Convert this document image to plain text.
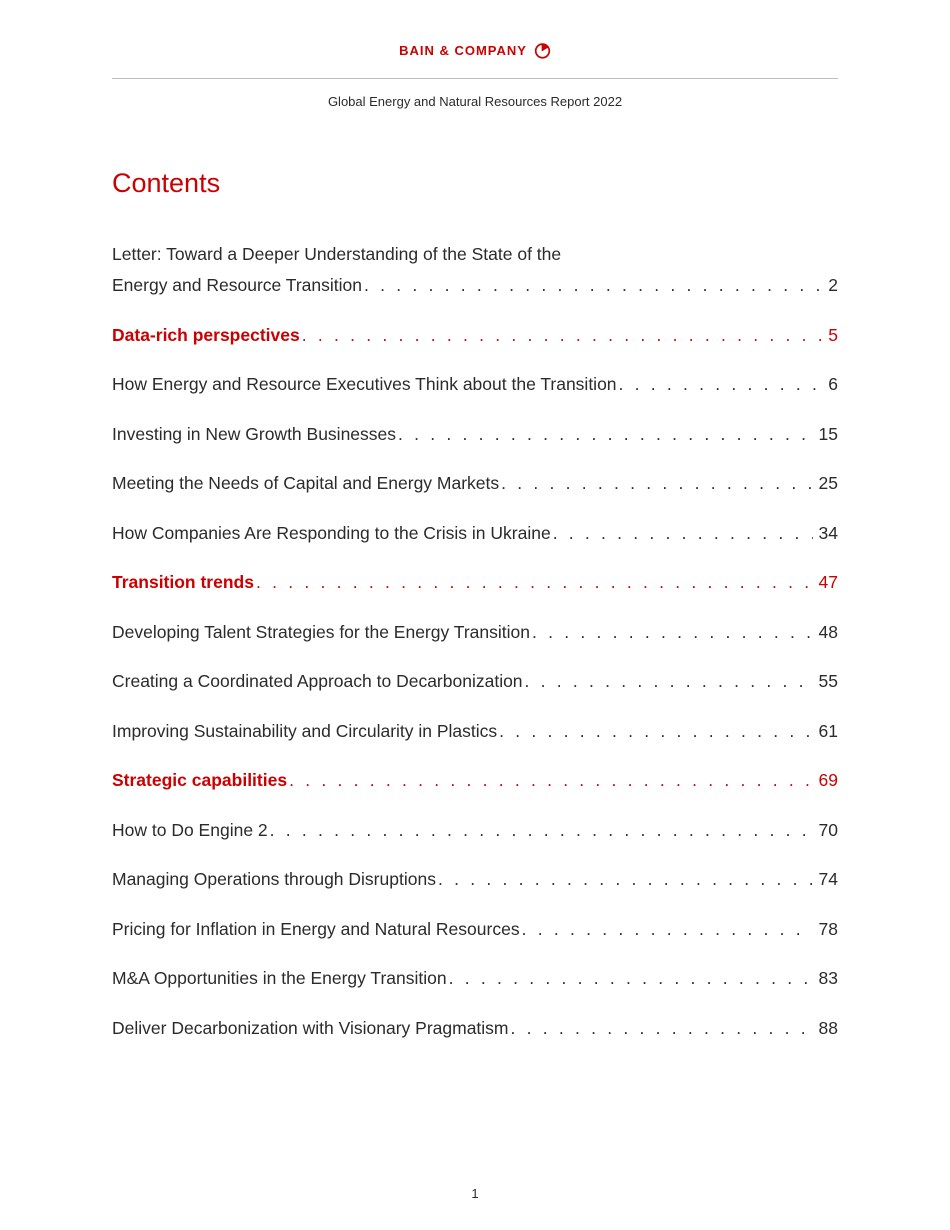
BAIN & COMPANY
Global Energy and Natural Resources Report 2022
Contents
Letter: Toward a Deeper Understanding of the State of the
Energy and Resource Transition . . .	2
Data-rich perspectives . . .	5
How Energy and Resource Executives Think about the Transition . . .	6
Investing in New Growth Businesses . . .	15
Meeting the Needs of Capital and Energy Markets . . .	25
How Companies Are Responding to the Crisis in Ukraine . . .	34
Transition trends . . .	47
Developing Talent Strategies for the Energy Transition . . .	48
Creating a Coordinated Approach to Decarbonization . . .	55
Improving Sustainability and Circularity in Plastics . . .	61
Strategic capabilities . . .	69
How to Do Engine 2 . . .	70
Managing Operations through Disruptions . . .	74
Pricing for Inflation in Energy and Natural Resources . . .	78
M&A Opportunities in the Energy Transition . . .	83
Deliver Decarbonization with Visionary Pragmatism . . .	88
1
